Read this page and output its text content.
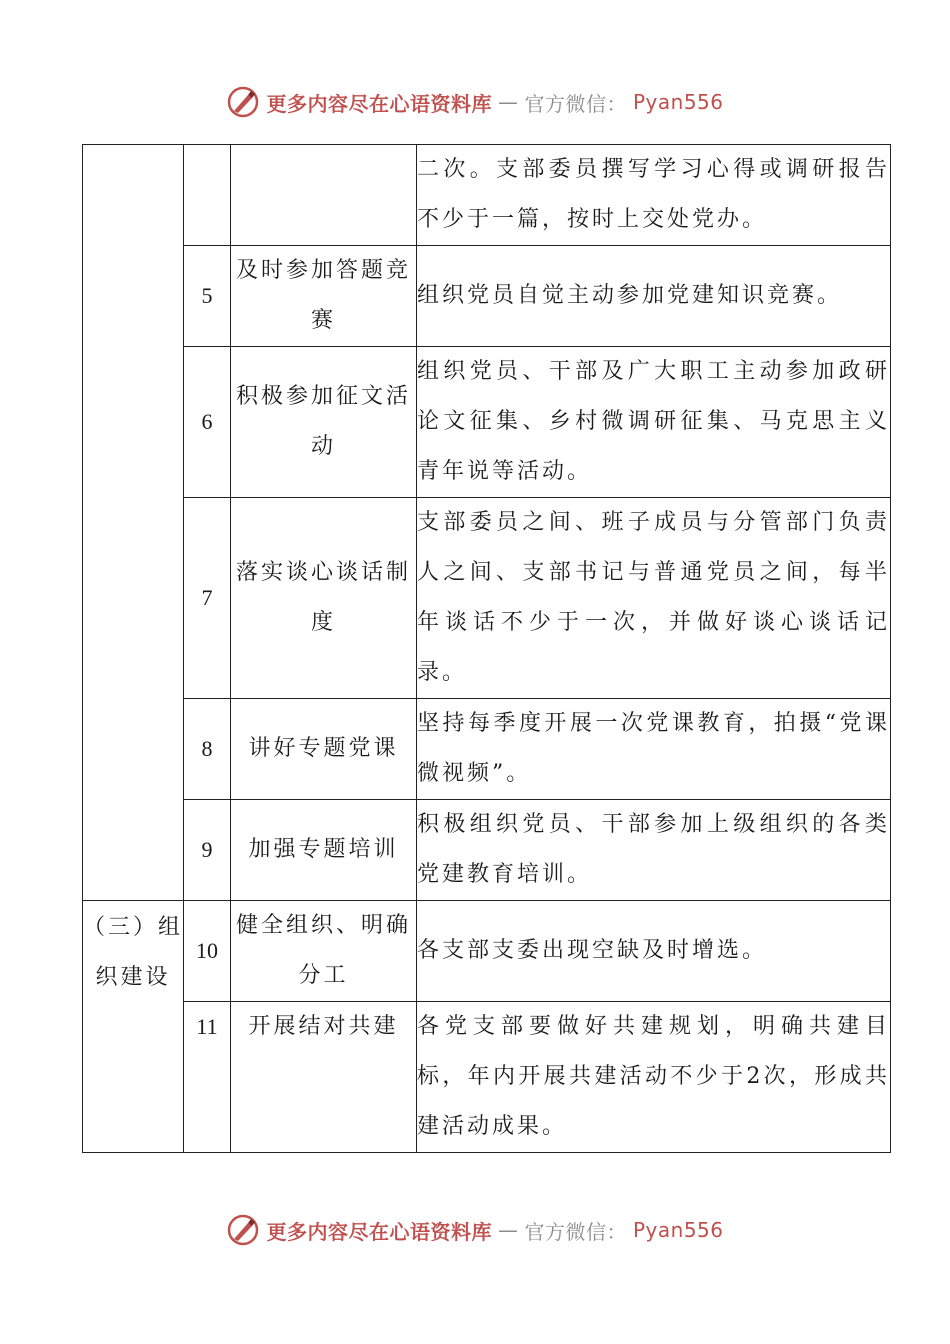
更多内容尽在心语资料库 — 官方微信： Pyan556
			二次。支部委员撰写学习心得或调研报告不少于一篇，按时上交处党办。
	5	及时参加答题竞赛	组织党员自觉主动参加党建知识竞赛。
	6	积极参加征文活动	组织党员、干部及广大职工主动参加政研论文征集、乡村微调研征集、马克思主义青年说等活动。
	7	落实谈心谈话制度	支部委员之间、班子成员与分管部门负责人之间、支部书记与普通党员之间，每半年谈话不少于一次，并做好谈心谈话记录。
	8	讲好专题党课	坚持每季度开展一次党课教育，拍摄“党课微视频”。
	9	加强专题培训	积极组织党员、干部参加上级组织的各类党建教育培训。
（三）组织建设	10	健全组织、明确分工	各支部支委出现空缺及时增选。
	11	开展结对共建	各党支部要做好共建规划，明确共建目标，年内开展共建活动不少于2次，形成共建活动成果。
更多内容尽在心语资料库 — 官方微信： Pyan556
